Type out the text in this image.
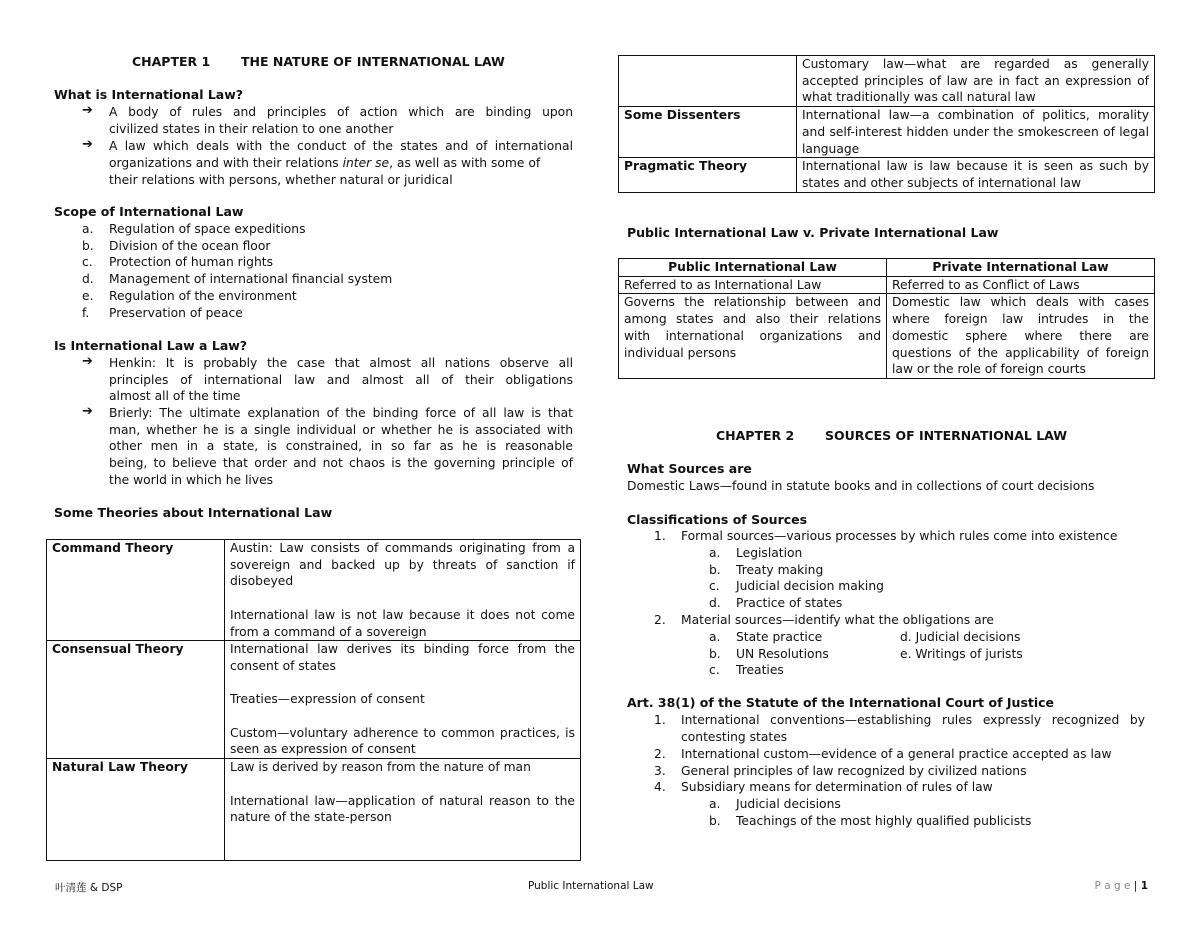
CHAPTER 1 THE NATURE OF INTERNATIONAL LAW
What is International Law?
➔ A body of rules and principles of action which are binding upon
civilized states in their relation to one another
➔ A law which deals with the conduct of the states and of international
organizations and with their relations inter se, as well as with some of
their relations with persons, whether natural or juridical
Scope of International Law
a. Regulation of space expeditions
b. Division of the ocean floor
c. Protection of human rights
d. Management of international financial system
e. Regulation of the environment
f. Preservation of peace
Is International Law a Law?
➔ Henkin: It is probably the case that almost all nations observe all
principles of international law and almost all of their obligations
almost all of the time
➔ Brierly: The ultimate explanation of the binding force of all law is that
man, whether he is a single individual or whether he is associated with
other men in a state, is constrained, in so far as he is reasonable
being, to believe that order and not chaos is the governing principle of
the world in which he lives
Some Theories about International Law
Command Theory	Austin: Law consists of commands originating from a sovereign and backed up by threats of sanction if disobeyed

International law is not law because it does not come from a command of a sovereign

Consensual Theory	International law derives its binding force from the consent of states

Treaties—expression of consent

Custom—voluntary adherence to common practices, is seen as expression of consent

Natural Law Theory	Law is derived by reason from the nature of man

International law—application of natural reason to the nature of the state-person

	Customary law—what are regarded as generally accepted principles of law are in fact an expression of what traditionally was call natural law

Some Dissenters	International law—a combination of politics, morality and self-interest hidden under the smokescreen of legal language

Pragmatic Theory	International law is law because it is seen as such by states and other subjects of international law

Public International Law v. Private International Law
Public International Law	Private International Law

Referred to as International Law	Referred to as Conflict of Laws

Governs the relationship between and among states and also their relations with international organizations and individual persons	Domestic law which deals with cases where foreign law intrudes in the domestic sphere where there are questions of the applicability of foreign law or the role of foreign courts

CHAPTER 2 SOURCES OF INTERNATIONAL LAW
What Sources are
Domestic Laws—found in statute books and in collections of court decisions
Classifications of Sources
1. Formal sources—various processes by which rules come into existence
a. Legislation
b. Treaty making
c. Judicial decision making
d. Practice of states
2. Material sources—identify what the obligations are
a. State practice
b. UN Resolutions
c. Treaties
d. Judicial decisions
e. Writings of jurists
Art. 38(1) of the Statute of the International Court of Justice
1. International conventions—establishing rules expressly recognized by
contesting states
2. International custom—evidence of a general practice accepted as law
3. General principles of law recognized by civilized nations
4. Subsidiary means for determination of rules of law
a. Judicial decisions
b. Teachings of the most highly qualified publicists
叶清莲 & DSP	Public International Law	P a g e | 1
